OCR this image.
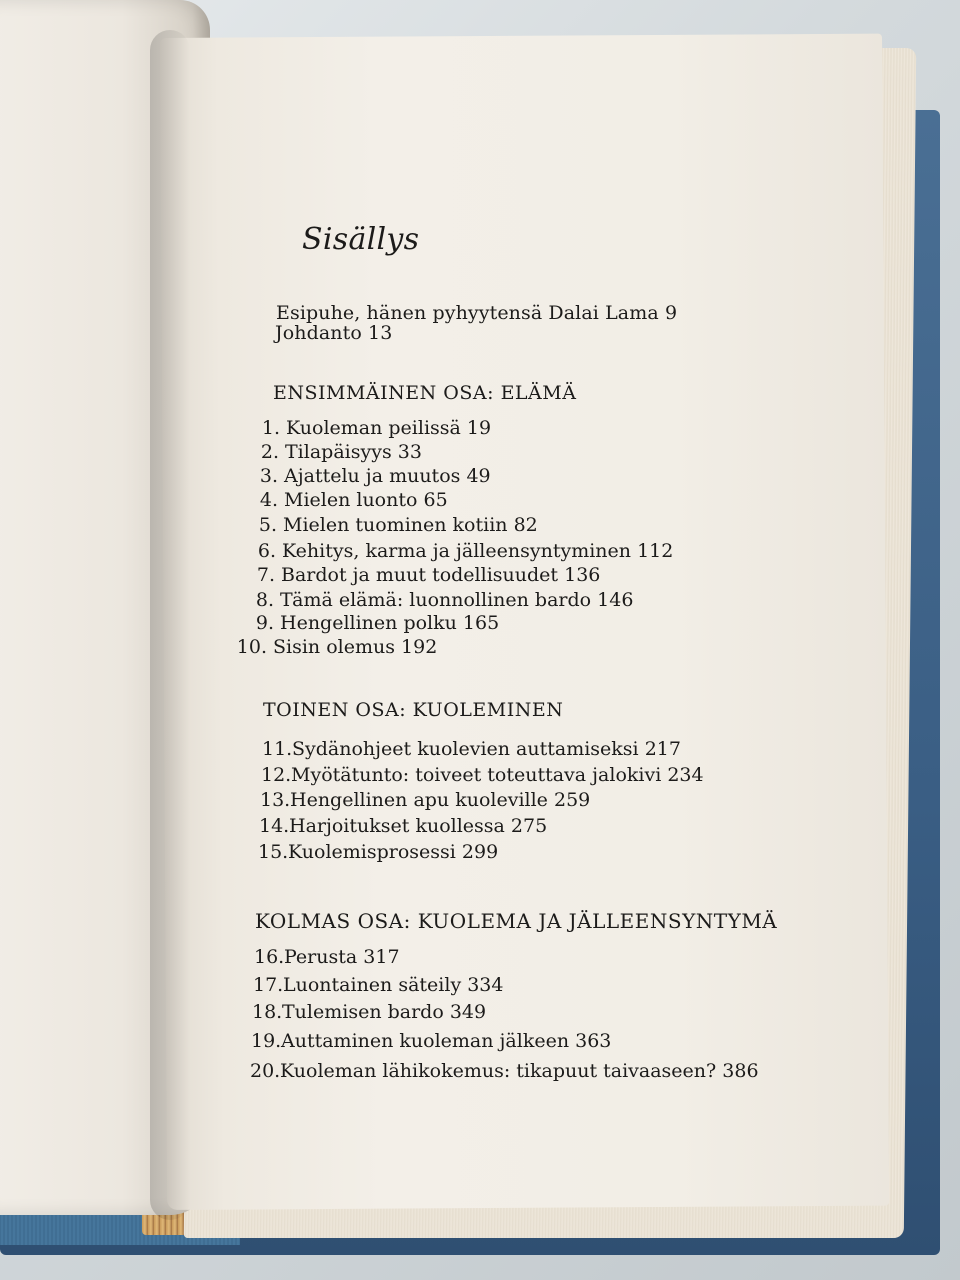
Sisällys
Esipuhe, hänen pyhyytensä Dalai Lama 9
Johdanto 13
ENSIMMÄINEN OSA: ELÄMÄ
1. Kuoleman peilissä 19
2. Tilapäisyys 33
3. Ajattelu ja muutos 49
4. Mielen luonto 65
5. Mielen tuominen kotiin 82
6. Kehitys, karma ja jälleensyntyminen 112
7. Bardot ja muut todellisuudet 136
8. Tämä elämä: luonnollinen bardo 146
9. Hengellinen polku 165
10. Sisin olemus 192
TOINEN OSA: KUOLEMINEN
11.Sydänohjeet kuolevien auttamiseksi 217
12.Myötätunto: toiveet toteuttava jalokivi 234
13.Hengellinen apu kuoleville 259
14.Harjoitukset kuollessa 275
15.Kuolemisprosessi 299
KOLMAS OSA: KUOLEMA JA JÄLLEENSYNTYMÄ
16.Perusta 317
17.Luontainen säteily 334
18.Tulemisen bardo 349
19.Auttaminen kuoleman jälkeen 363
20.Kuoleman lähikokemus: tikapuut taivaaseen? 386
